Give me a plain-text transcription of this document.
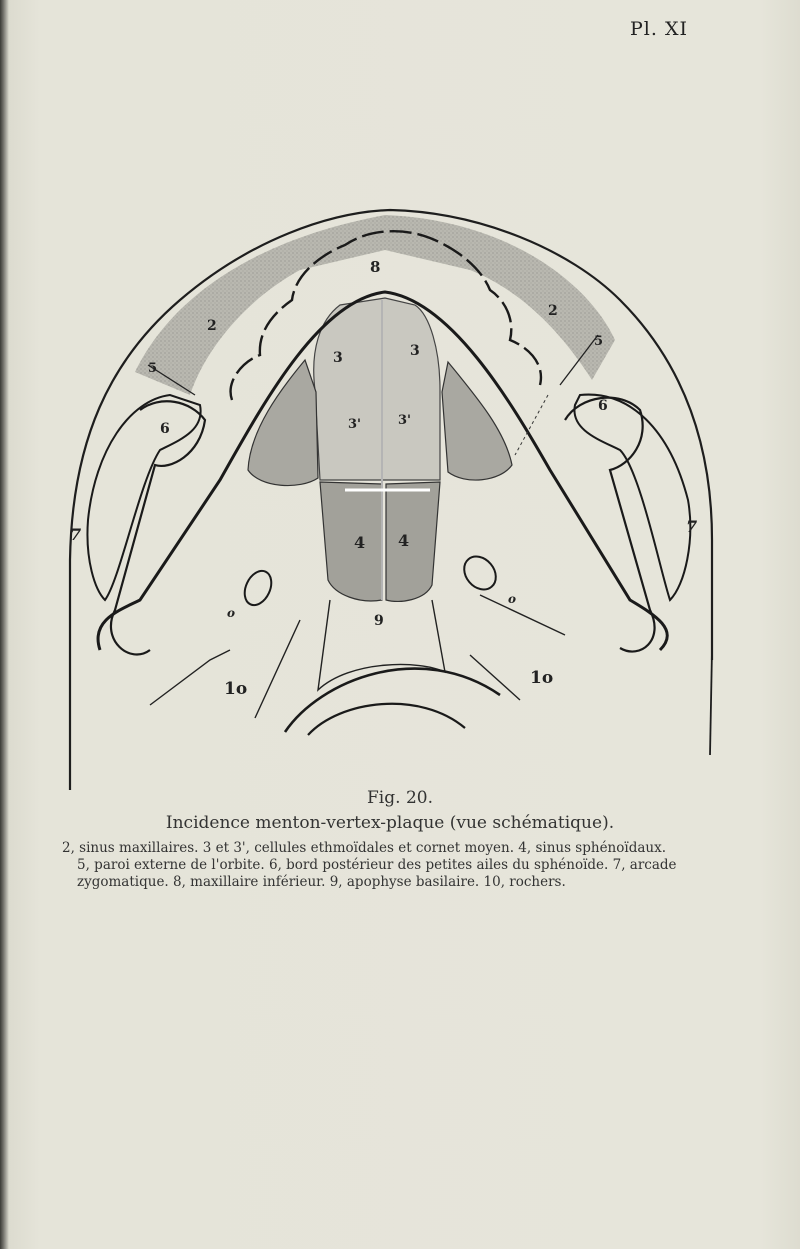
Pl. XI
2
2
3	3
3'	3'
4 4
5
5
6
6
7	7
8
9
1o
1o
o
o
Fig. 20.
Incidence menton-vertex-plaque (vue schématique).
2, sinus maxillaires. 3 et 3', cellules ethmoïdales et cornet moyen. 4, sinus sphénoïdaux.
5, paroi externe de l'orbite. 6, bord postérieur des petites ailes du sphénoïde. 7, arcade
zygomatique. 8, maxillaire inférieur. 9, apophyse basilaire. 10, rochers.
